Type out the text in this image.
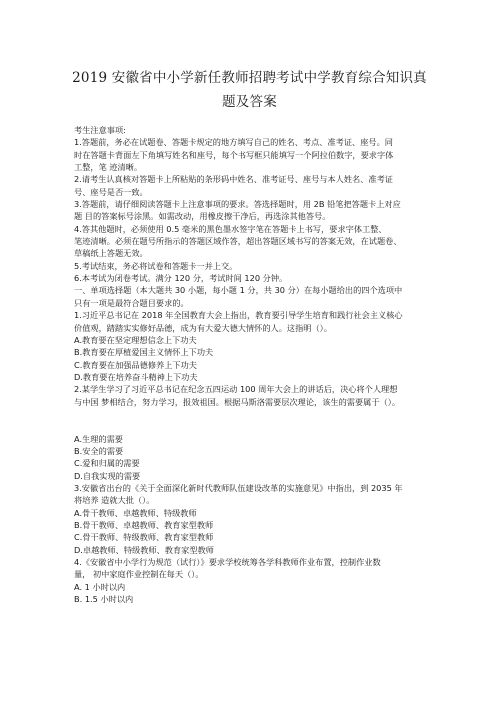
2019 安徽省中小学新任教师招聘考试中学教育综合知识真
题及答案
考生注意事项:
1.答题前，务必在试题卷、答题卡规定的地方填写自己的姓名、考点、准考证、座号。同
时在答题卡背面左下角填写姓名和座号，每个书写框只能填写一个阿拉伯数字，要求字体
工整，笔 迹清晰。
2.请考生认真核对答题卡上所粘贴的条形码中姓名、准考证号、座号与本人姓名、准考证
号、座号是否一致。
3.答题前，请仔细阅读答题卡上注意事项的要求。答选择题时，用 2B 铅笔把答题卡上对应
题 目的答案标号涂黑。如需改动，用橡皮擦干净后，再选涂其他答号。
4.答其他题时，必须使用 0.5 毫米的黑色墨水签字笔在答题卡上书写，要求字体工整、
笔迹清晰。必须在题号所指示的答题区域作答，超出答题区域书写的答案无效，在试题卷、
草稿纸上答题无效。
5.考试结束，务必将试卷和答题卡一并上交。
6.本考试为闭卷考试。满分 120 分，考试时间 120 分钟。
一、单项选择题（本大题共 30 小题，每小题 1 分，共 30 分）在每小题给出的四个选项中
只有一项是最符合题目要求的。
1.习近平总书记在 2018 年全国教育大会上指出，教育要引导学生培育和践行社会主义核心
价值观，踏踏实实修好品德，成为有大爱大德大情怀的人。这指明（）。
A.教育要在坚定理想信念上下功夫
B.教育要在厚植爱国主义情怀上下功夫
C.教育要在加强品德修养上下功夫
D.教育要在培养奋斗精神上下功夫
2.某学生学习了习近平总书记在纪念五四运动 100 周年大会上的讲话后，决心将个人理想
与中国 梦相结合，努力学习，报效祖国。根据马斯洛需要层次理论，该生的需要属于（）。
A.生理的需要
B.安全的需要
C.爱和归属的需要
D.自我实现的需要
3.安徽省出台的《关于全面深化新时代教师队伍建设改革的实施意见》中指出，到 2035 年
将培养 造就大批（）。
A.骨干教师、卓越教师、特级教师
B.骨干教师、卓越教师、教育家型教师
C.骨干教师、特级教师、教育家型教师
D.卓越教师、特级教师、教育家型教师
4.《安徽省中小学行为规范（试行）》要求学校统筹各学科教师作业布置，控制作业数
量， 初中家庭作业控制在每天（）。
A. 1 小时以内
B. 1.5 小时以内
